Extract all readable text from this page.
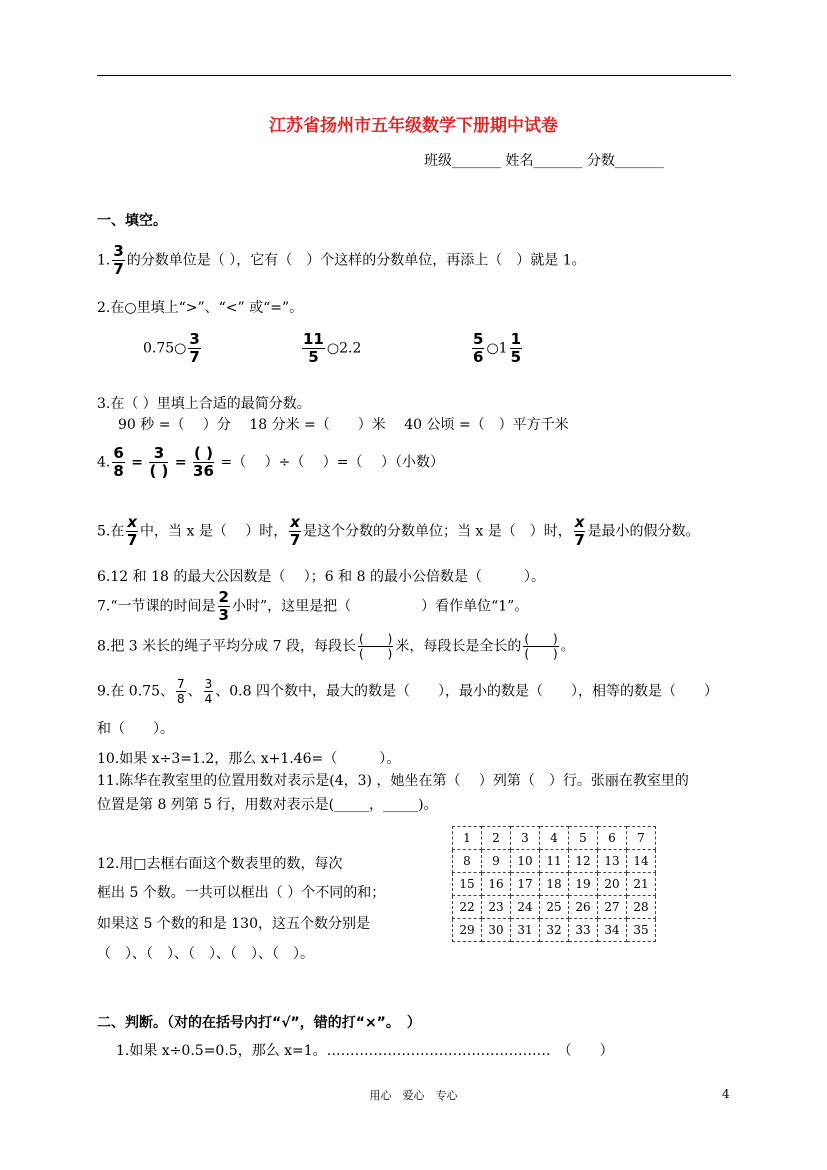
江苏省扬州市五年级数学下册期中试卷
班级_______ 姓名_______ 分数_______
一、填空。
1. $\frac{3}{7}$ 的分数单位是（ ），它有（　）个这样的分数单位，再添上（　）就是 1。
2.在○里填上“>”、“<” 或“=”。
0.75○ $\frac{3}{7}$	$\frac{11}{5}$ ○2.2	$\frac{5}{6}$ ○1 $\frac{1}{5}$
3.在（ ）里填上合适的最简分数。
90 秒 =（　 ）分　 18 分米 =（　　）米　 40 公顷 =（　）平方千米
4. $\frac{6}{8} = \frac{3}{( )} = \frac{( )}{36}$ =（　 ）÷（　 ）=（　 ）（小数）
5.在 $\frac{x}{7}$ 中，当 x 是（　 ）时， $\frac{x}{7}$ 是这个分数的分数单位；当 x 是（　）时， $\frac{x}{7}$ 是最小的假分数。
6.12 和 18 的最大公因数是（　 ）；6 和 8 的最小公倍数是（　　　）。
7.“一节课的时间是 $\frac{2}{3}$ 小时”，这里是把（　　　　　）看作单位“1”。
8.把 3 米长的绳子平均分成 7 段，每段长 $\frac{( )}{( )}$ 米，每段长是全长的 $\frac{( )}{( )}$ 。
9.在 0.75、 $\frac{7}{8}$ 、 $\frac{3}{4}$ 、0.8 四个数中，最大的数是（　　），最小的数是（　　），相等的数是（　　）
和（　　）。
10.如果 x÷3=1.2，那么 x+1.46=（　　　）。
11.陈华在教室里的位置用数对表示是(4，3) ，她坐在第（　 ）列第（　）行。张丽在教室里的
位置是第 8 列第 5 行，用数对表示是(_____，_____)。
12.用□去框右面这个数表里的数，每次
框出 5 个数。一共可以框出（ ）个不同的和；
如果这 5 个数的和是 130，这五个数分别是
（　）、（　）、（　）、（　）、（　）。
1	2	3	4	5	6	7
8	9	10	11	12	13	14
15	16	17	18	19	20	21
22	23	24	25	26	27	28
29	30	31	32	33	34	35
二、判断。（对的在括号内打“√”，错的打“×”。　）
1.如果 x÷0.5=0.5，那么 x=1。…………………………………………　（　　）
用心　爱心　专心	4
